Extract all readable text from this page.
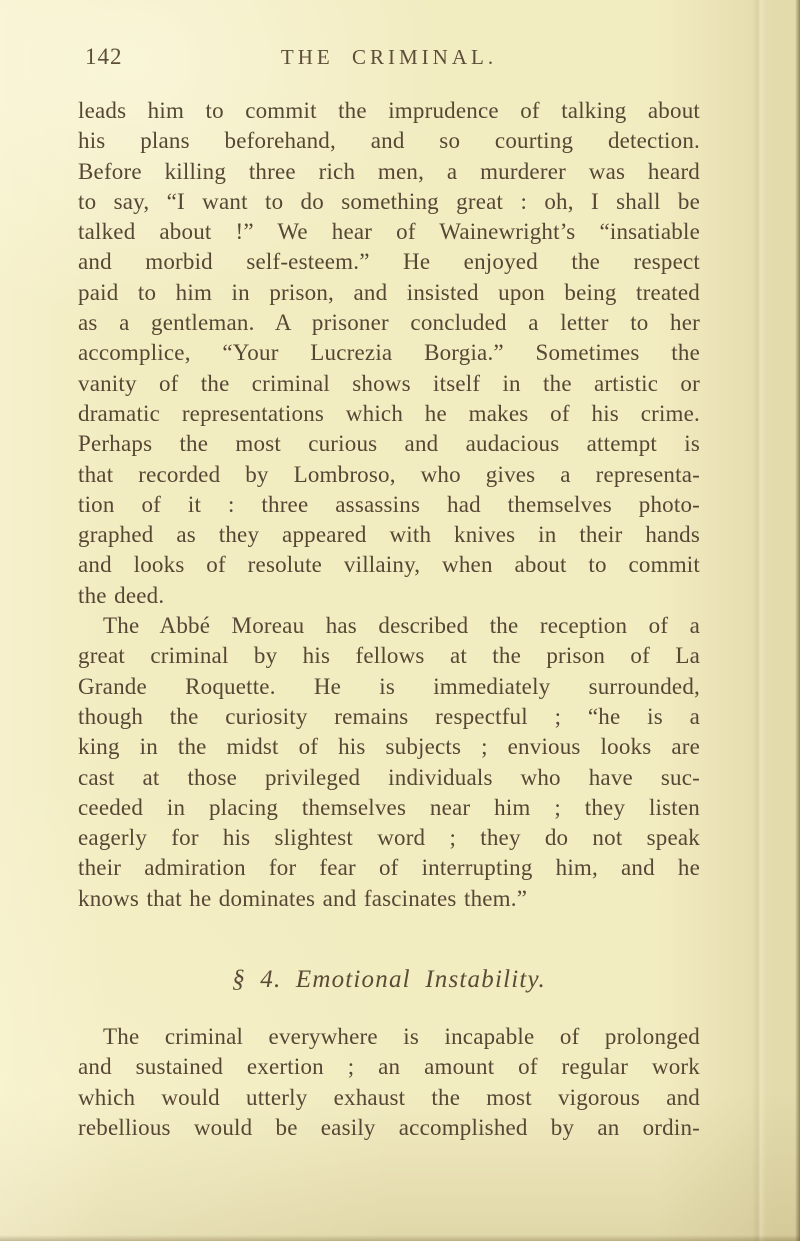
142	THE CRIMINAL.
leads him to commit the imprudence of talking about
his plans beforehand, and so courting detection.
Before killing three rich men, a murderer was heard
to say, “I want to do something great : oh, I shall be
talked about !” We hear of Wainewright’s “insatiable
and morbid self-esteem.” He enjoyed the respect
paid to him in prison, and insisted upon being treated
as a gentleman. A prisoner concluded a letter to her
accomplice, “Your Lucrezia Borgia.” Sometimes the
vanity of the criminal shows itself in the artistic or
dramatic representations which he makes of his crime.
Perhaps the most curious and audacious attempt is
that recorded by Lombroso, who gives a representa-
tion of it : three assassins had themselves photo-
graphed as they appeared with knives in their hands
and looks of resolute villainy, when about to commit
the deed.
The Abbé Moreau has described the reception of a
great criminal by his fellows at the prison of La
Grande Roquette. He is immediately surrounded,
though the curiosity remains respectful ; “he is a
king in the midst of his subjects ; envious looks are
cast at those privileged individuals who have suc-
ceeded in placing themselves near him ; they listen
eagerly for his slightest word ; they do not speak
their admiration for fear of interrupting him, and he
knows that he dominates and fascinates them.”
§ 4. Emotional Instability.
The criminal everywhere is incapable of prolonged
and sustained exertion ; an amount of regular work
which would utterly exhaust the most vigorous and
rebellious would be easily accomplished by an ordin-
